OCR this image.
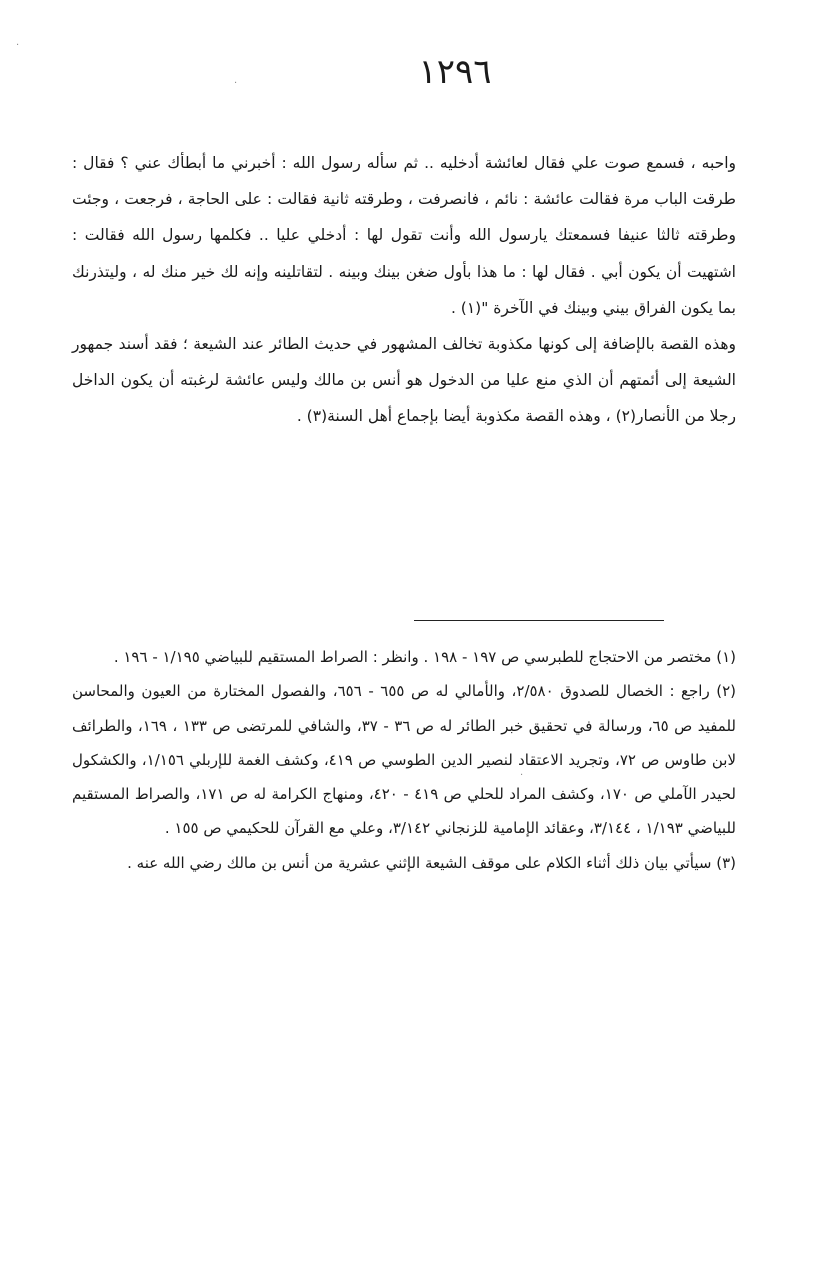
١٢٩٦

واحبه ، فسمع صوت علي فقال لعائشة أدخليه .. ثم سأله رسول الله : أخبرني ما أبطأك عني ؟ فقال : طرقت الباب مرة فقالت عائشة : نائم ، فانصرفت ، وطرقته ثانية فقالت : على الحاجة ، فرجعت ، وجئت وطرقته ثالثا عنيفا فسمعتك يارسول الله وأنت تقول لها : أدخلي عليا .. فكلمها رسول الله فقالت : اشتهيت أن يكون أبي . فقال لها : ما هذا بأول ضغن بينك وبينه . لتقاتلينه وإنه لك خير منك له ، وليتذرنك بما يكون الفراق بيني وبينك في الآخرة "(١) .

وهذه القصة بالإضافة إلى كونها مكذوبة تخالف المشهور في حديث الطائر عند الشيعة ؛ فقد أسند جمهور الشيعة إلى أئمتهم أن الذي منع عليا من الدخول هو أنس بن مالك وليس عائشة لرغبته أن يكون الداخل رجلا من الأنصار(٢) ، وهذه القصة مكذوبة أيضا بإجماع أهل السنة(٣) .

(١) مختصر من الاحتجاج للطبرسي ص ١٩٧ - ١٩٨ . وانظر : الصراط المستقيم للبياضي ١/١٩٥ - ١٩٦ .

(٢) راجع : الخصال للصدوق ٢/٥٨٠، والأمالي له ص ٦٥٥ - ٦٥٦، والفصول المختارة من العيون والمحاسن للمفيد ص ٦٥، ورسالة في تحقيق خبر الطائر له ص ٣٦ - ٣٧، والشافي للمرتضى ص ١٣٣ ، ١٦٩، والطرائف لابن طاوس ص ٧٢، وتجريد الاعتقاد لنصير الدين الطوسي ص ٤١٩، وكشف الغمة للإربلي ١/١٥٦، والكشكول لحيدر الآملي ص ١٧٠، وكشف المراد للحلي ص ٤١٩ - ٤٢٠، ومنهاج الكرامة له ص ١٧١، والصراط المستقيم للبياضي ١/١٩٣ ، ٣/١٤٤، وعقائد الإمامية للزنجاني ٣/١٤٢، وعلي مع القرآن للحكيمي ص ١٥٥ .

(٣) سيأتي بيان ذلك أثناء الكلام على موقف الشيعة الإثني عشرية من أنس بن مالك رضي الله عنه .

·
·
·
